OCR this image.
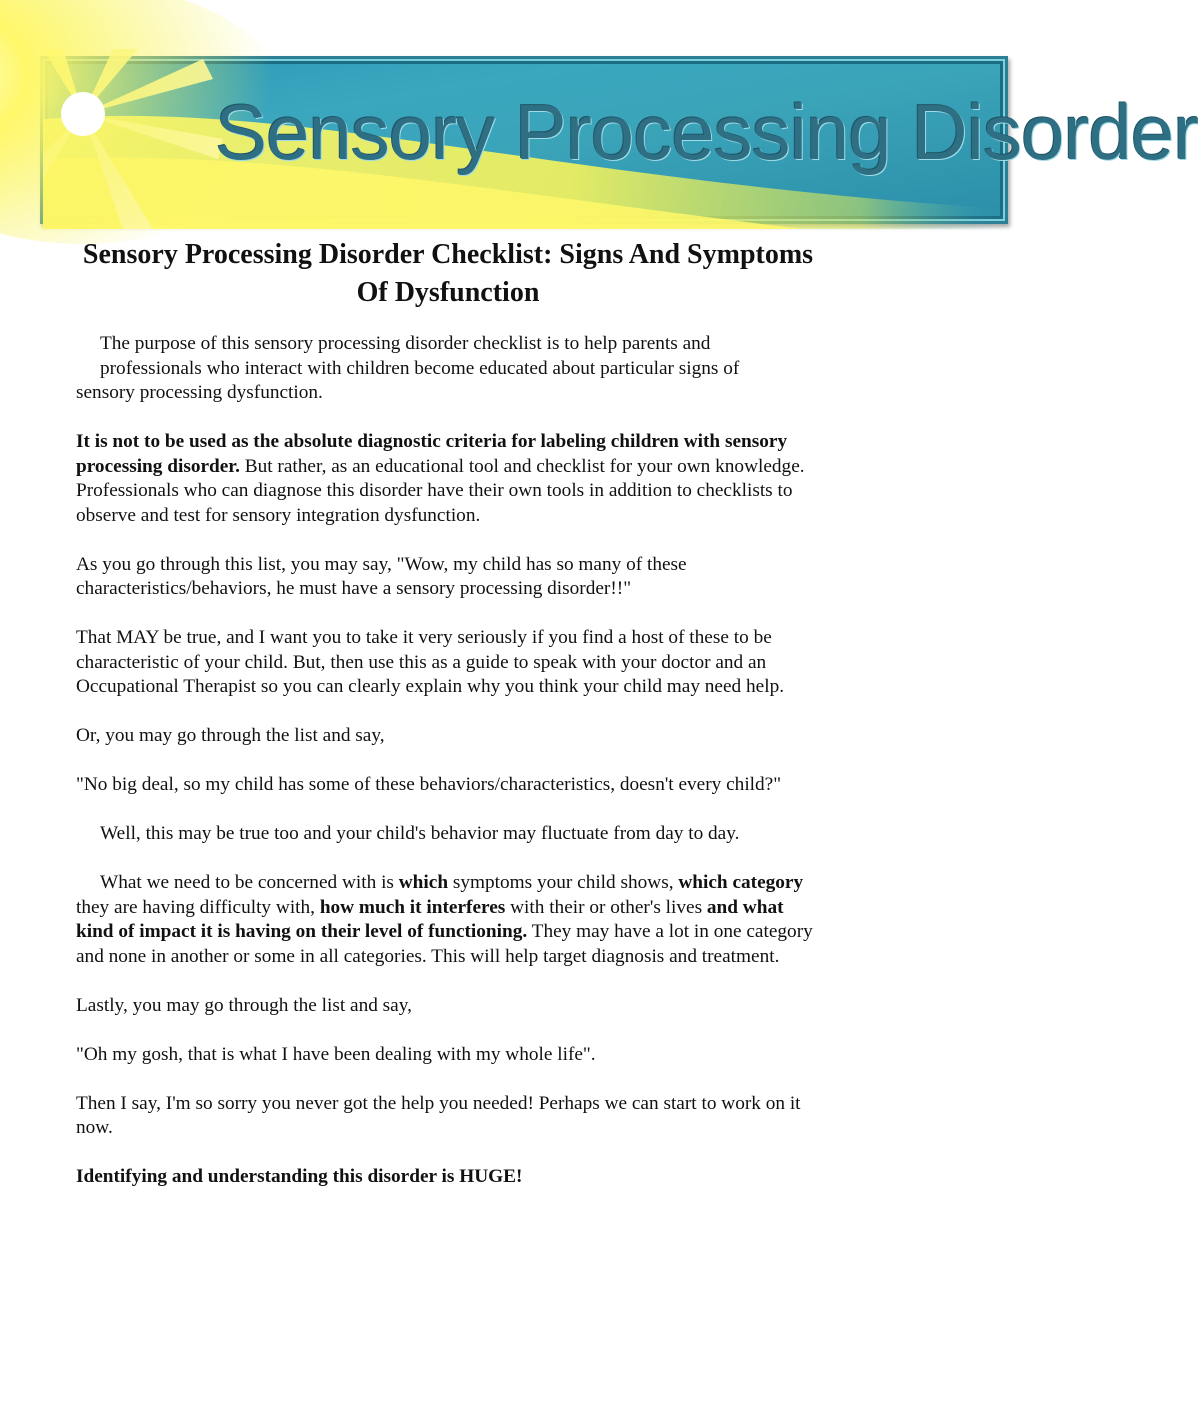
Sensory Processing Disorder
Sensory Processing Disorder Checklist: Signs And Symptoms Of Dysfunction

The purpose of this sensory processing disorder checklist is to help parents and
professionals who interact with children become educated about particular signs of
sensory processing dysfunction.

It is not to be used as the absolute diagnostic criteria for labeling children with sensory processing disorder. But rather, as an educational tool and checklist for your own knowledge. Professionals who can diagnose this disorder have their own tools in addition to checklists to observe and test for sensory integration dysfunction.

As you go through this list, you may say, "Wow, my child has so many of these characteristics/behaviors, he must have a sensory processing disorder!!"

That MAY be true, and I want you to take it very seriously if you find a host of these to be characteristic of your child. But, then use this as a guide to speak with your doctor and an Occupational Therapist so you can clearly explain why you think your child may need help.

Or, you may go through the list and say,

"No big deal, so my child has some of these behaviors/characteristics, doesn't every child?"

Well, this may be true too and your child's behavior may fluctuate from day to day.

What we need to be concerned with is which symptoms your child shows, which category they are having difficulty with, how much it interferes with their or other's lives and what kind of impact it is having on their level of functioning. They may have a lot in one category and none in another or some in all categories. This will help target diagnosis and treatment.

Lastly, you may go through the list and say,

"Oh my gosh, that is what I have been dealing with my whole life".

Then I say, I'm so sorry you never got the help you needed! Perhaps we can start to work on it now.

Identifying and understanding this disorder is HUGE!
